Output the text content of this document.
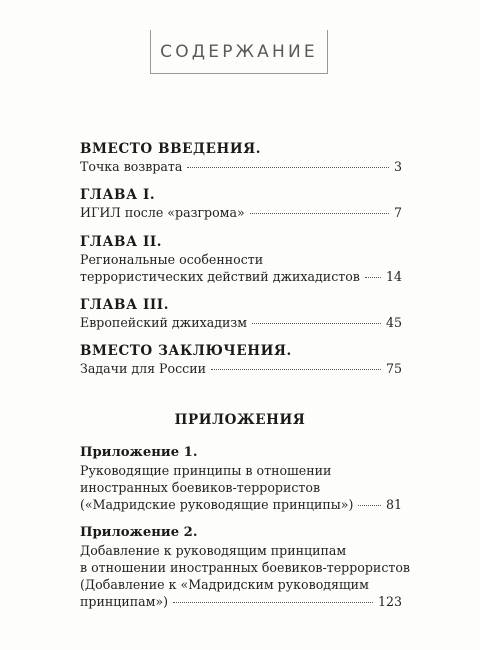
СОДЕРЖАНИЕ
ВМЕСТО ВВЕДЕНИЯ.
Точка возврата	3
ГЛАВА I.
ИГИЛ после «разгрома»	7
ГЛАВА II.
Региональные особенности
террористических действий джихадистов 14
ГЛАВА III.
Европейский джихадизм	45
ВМЕСТО ЗАКЛЮЧЕНИЯ.
Задачи для России	75
ПРИЛОЖЕНИЯ
Приложение 1.
Руководящие принципы в отношении
иностранных боевиков-террористов
(«Мадридские руководящие принципы»)	81
Приложение 2.
Добавление к руководящим принципам
в отношении иностранных боевиков-террористов
(Добавление к «Мадридским руководящим
принципам»)	123
